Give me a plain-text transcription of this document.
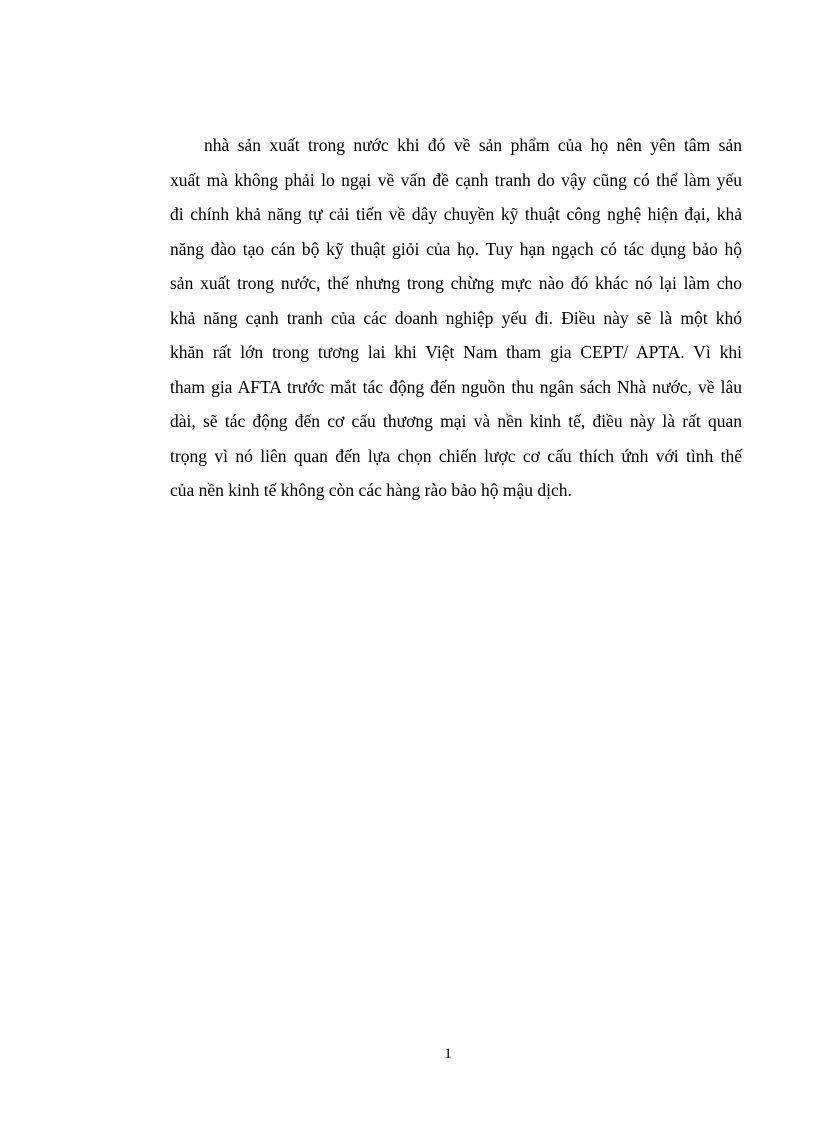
nhà sản xuất trong nước khi đó về sản phẩm của họ nên yên tâm sản
xuất mà không phải lo ngại về vấn đề cạnh tranh do vậy cũng có thể làm yếu
đi chính khả năng tự cải tiến về dây chuyền kỹ thuật công nghệ hiện đại, khả
năng đào tạo cán bộ kỹ thuật giỏi của họ. Tuy hạn ngạch có tác dụng bảo hộ
sản xuất trong nước, thế nhưng trong chừng mực nào đó khác nó lại làm cho
khả năng cạnh tranh của các doanh nghiệp yếu đi. Điều này sẽ là một khó
khăn rất lớn trong tương lai khi Việt Nam tham gia CEPT/ APTA. Vì khi
tham gia AFTA trước mắt tác động đến nguồn thu ngân sách Nhà nước, về lâu
dài, sẽ tác động đến cơ cấu thương mại và nền kinh tế, điều này là rất quan
trọng vì nó liên quan đến lựa chọn chiến lược cơ cấu thích ứnh với tình thế
của nền kinh tế không còn các hàng rào bảo hộ mậu dịch.
1
